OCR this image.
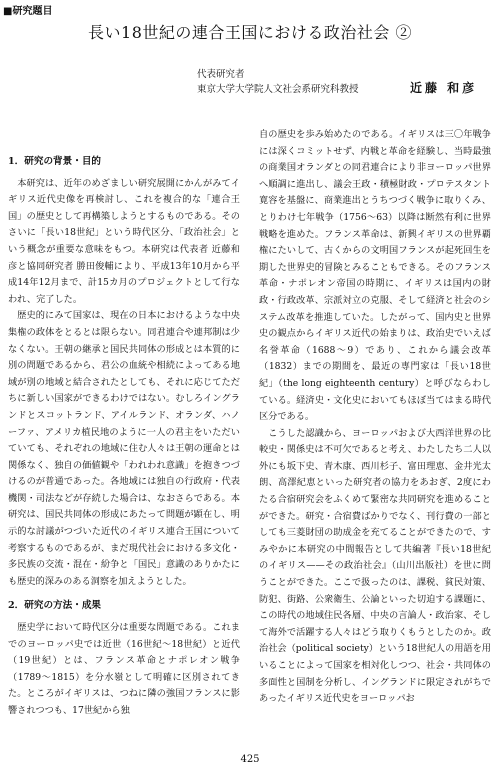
■研究題目
長い18世紀の連合王国における政治社会 ②
代表研究者
東京大学大学院人文社会系研究科教授	近藤 和彦
1．研究の背景・目的

本研究は、近年のめざましい研究展開にかんがみてイギリス近代史像を再検討し、これを複合的な「連合王国」の歴史として再構築しようとするものである。そのさいに「長い18世紀」という時代区分、「政治社会」という概念が重要な意味をもつ。本研究は代表者 近藤和彦と協同研究者 勝田俊輔により、平成13年10月から平成14年12月まで、計15カ月のプロジェクトとして行なわれ、完了した。

歴史的にみて国家は、現在の日本におけるような中央集権の政体をとるとは限らない。同君連合や連邦制は少なくない。王朝の継承と国民共同体の形成とは本質的に別の問題であるから、君公の血統や相続によってある地域が別の地域と結合されたとしても、それに応じてただちに新しい国家ができるわけではない。むしろイングランドとスコットランド、アイルランド、オランダ、ハノーファ、アメリカ植民地のように一人の君主をいただいていても、それぞれの地域に住む人々は王朝の運命とは関係なく、独自の価値観や「われわれ意識」を抱きつづけるのが普通であった。各地域には独自の行政府・代表機関・司法などが存続した場合は、なおさらである。本研究は、国民共同体の形成にあたって問題が顕在し、明示的な討議がつづいた近代のイギリス連合王国について考察するものであるが、まだ現代社会における多文化・多民族の交流・混在・紛争と「国民」意識のありかたにも歴史的深みのある洞察を加えようとした。

2．研究の方法・成果

歴史学において時代区分は重要な問題である。これまでのヨーロッパ史では近世（16世紀〜18世紀）と近代（19世紀）とは、フランス革命とナポレオン戦争（1789〜1815）を分水嶺として明確に区別されてきた。ところがイギリスは、つねに隣の強国フランスに影響されつつも、17世紀から独

自の歴史を歩み始めたのである。イギリスは三〇年戦争には深くコミットせず、内戦と革命を経験し、当時最強の商業国オランダとの同君連合により非ヨーロッパ世界へ順調に進出し、議会王政・積極財政・プロテスタント寛容を基盤に、商業進出とうちつづく戦争に取りくみ、とりわけ七年戦争（1756〜63）以降は断然有利に世界戦略を進めた。フランス革命は、新興イギリスの世界覇権にたいして、古くからの文明国フランスが起死回生を期した世界史的冒険とみることもできる。そのフランス革命・ナポレオン帝国の時期に、イギリスは国内の財政・行政改革、宗派対立の克服、そして経済と社会のシステム改革を推進していた。したがって、国内史と世界史の観点からイギリス近代の始まりは、政治史でいえば名誉革命（1688〜9）であり、これから議会改革（1832）までの期間を、最近の専門家は「長い18世紀」（the long eighteenth century）と呼びならわしている。経済史・文化史においてもほぼ当てはまる時代区分である。

こうした認識から、ヨーロッパおよび大西洋世界の比較史・関係史は不可欠であると考え、わたしたち二人以外にも坂下史、青木康、西川杉子、富田理恵、金井光太朗、高澤紀恵といった研究者の協力をあおぎ、2度にわたる合宿研究会をふくめて緊密な共同研究を進めることができた。研究・合宿費ばかりでなく、刊行費の一部としても三菱財団の助成金を充てることができたので、すみやかに本研究の中間報告として共編著『長い18世紀のイギリス——その政治社会』（山川出版社）を世に問うことができた。ここで扱ったのは、課税、貧民対策、防犯、街路、公衆衛生、公論といった切迫する課題に、この時代の地域住民各層、中央の言論人・政治家、そして海外で活躍する人々はどう取りくもうとしたのか。政治社会（political society）という18世紀人の用語を用いることによって国家を相対化しつつ、社会・共同体の多面性と国制を分析し、イングランドに限定されがちであったイギリス近代史をヨーロッパお

425
